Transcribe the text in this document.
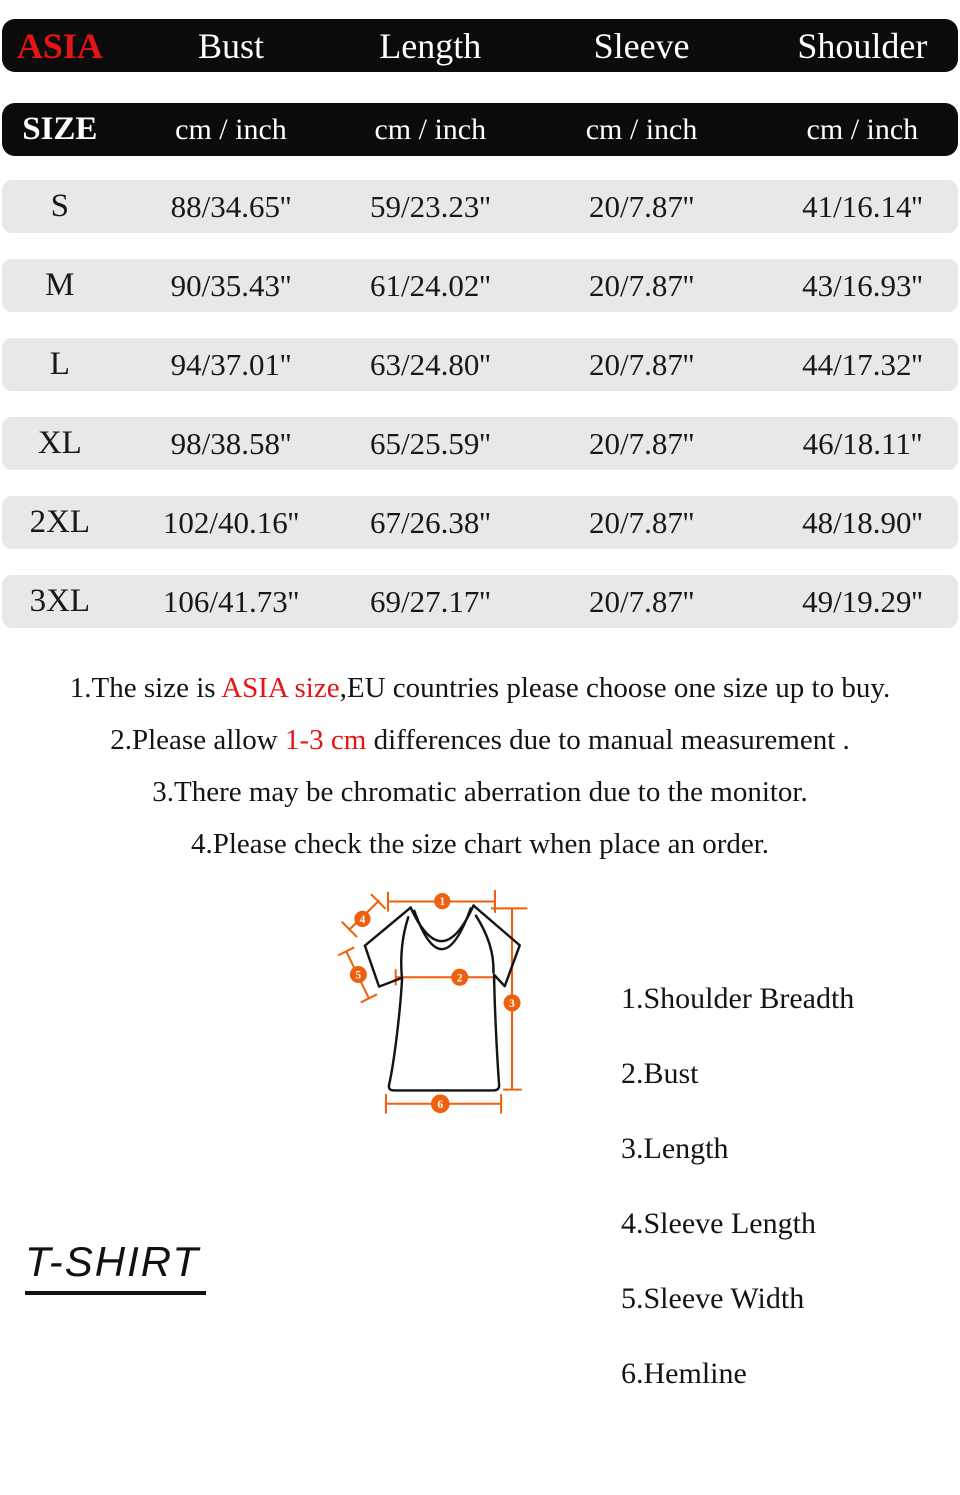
ASIA	Bust	Length	Sleeve	Shoulder
SIZE	cm / inch	cm / inch	cm / inch	cm / inch
S	88/34.65''	59/23.23''	20/7.87''	41/16.14''
M	90/35.43''	61/24.02''	20/7.87''	43/16.93''
L	94/37.01''	63/24.80''	20/7.87''	44/17.32''
XL	98/38.58''	65/25.59''	20/7.87''	46/18.11''
2XL	102/40.16''	67/26.38''	20/7.87''	48/18.90''
3XL	106/41.73''	69/27.17''	20/7.87''	49/19.29''
1.The size is ASIA size,EU countries please choose one size up to buy.
2.Please allow 1-3 cm differences due to manual measurement .
3.There may be chromatic aberration due to the monitor.
4.Please check the size chart when place an order.
1
2
3
4
5
6
T-SHIRT
1.Shoulder Breadth
2.Bust
3.Length
4.Sleeve Length
5.Sleeve Width
6.Hemline
